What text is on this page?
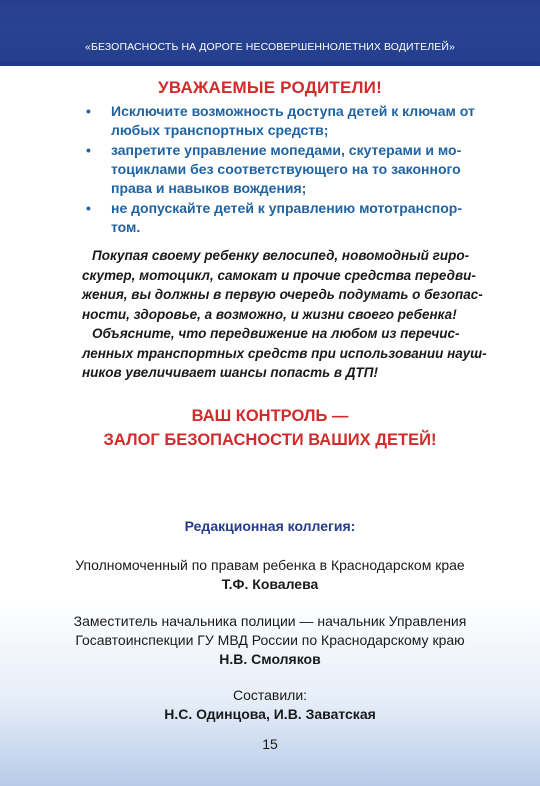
«БЕЗОПАСНОСТЬ НА ДОРОГЕ НЕСОВЕРШЕННОЛЕТНИХ ВОДИТЕЛЕЙ»
УВАЖАЕМЫЕ РОДИТЕЛИ!
• Исключите возможность доступа детей к ключам от
любых транспортных средств;
• запретите управление мопедами, скутерами и мо-
тоциклами без соответствующего на то законного
права и навыков вождения;
• не допускайте детей к управлению мототранспор-
том.

Покупая своему ребенку велосипед, новомодный гиро-
скутер, мотоцикл, самокат и прочие средства передви-
жения, вы должны в первую очередь подумать о безопас-
ности, здоровье, а возможно, и жизни своего ребенка!

Объясните, что передвижение на любом из перечис-
ленных транспортных средств при использовании науш-
ников увеличивает шансы попасть в ДТП!

ВАШ КОНТРОЛЬ —
ЗАЛОГ БЕЗОПАСНОСТИ ВАШИХ ДЕТЕЙ!
Редакционная коллегия:
Уполномоченный по правам ребенка в Краснодарском крае
Т.Ф. Ковалева
Заместитель начальника полиции — начальник Управления
Госавтоинспекции ГУ МВД России по Краснодарскому краю
Н.В. Смоляков
Составили:
Н.С. Одинцова, И.В. Заватская
15
